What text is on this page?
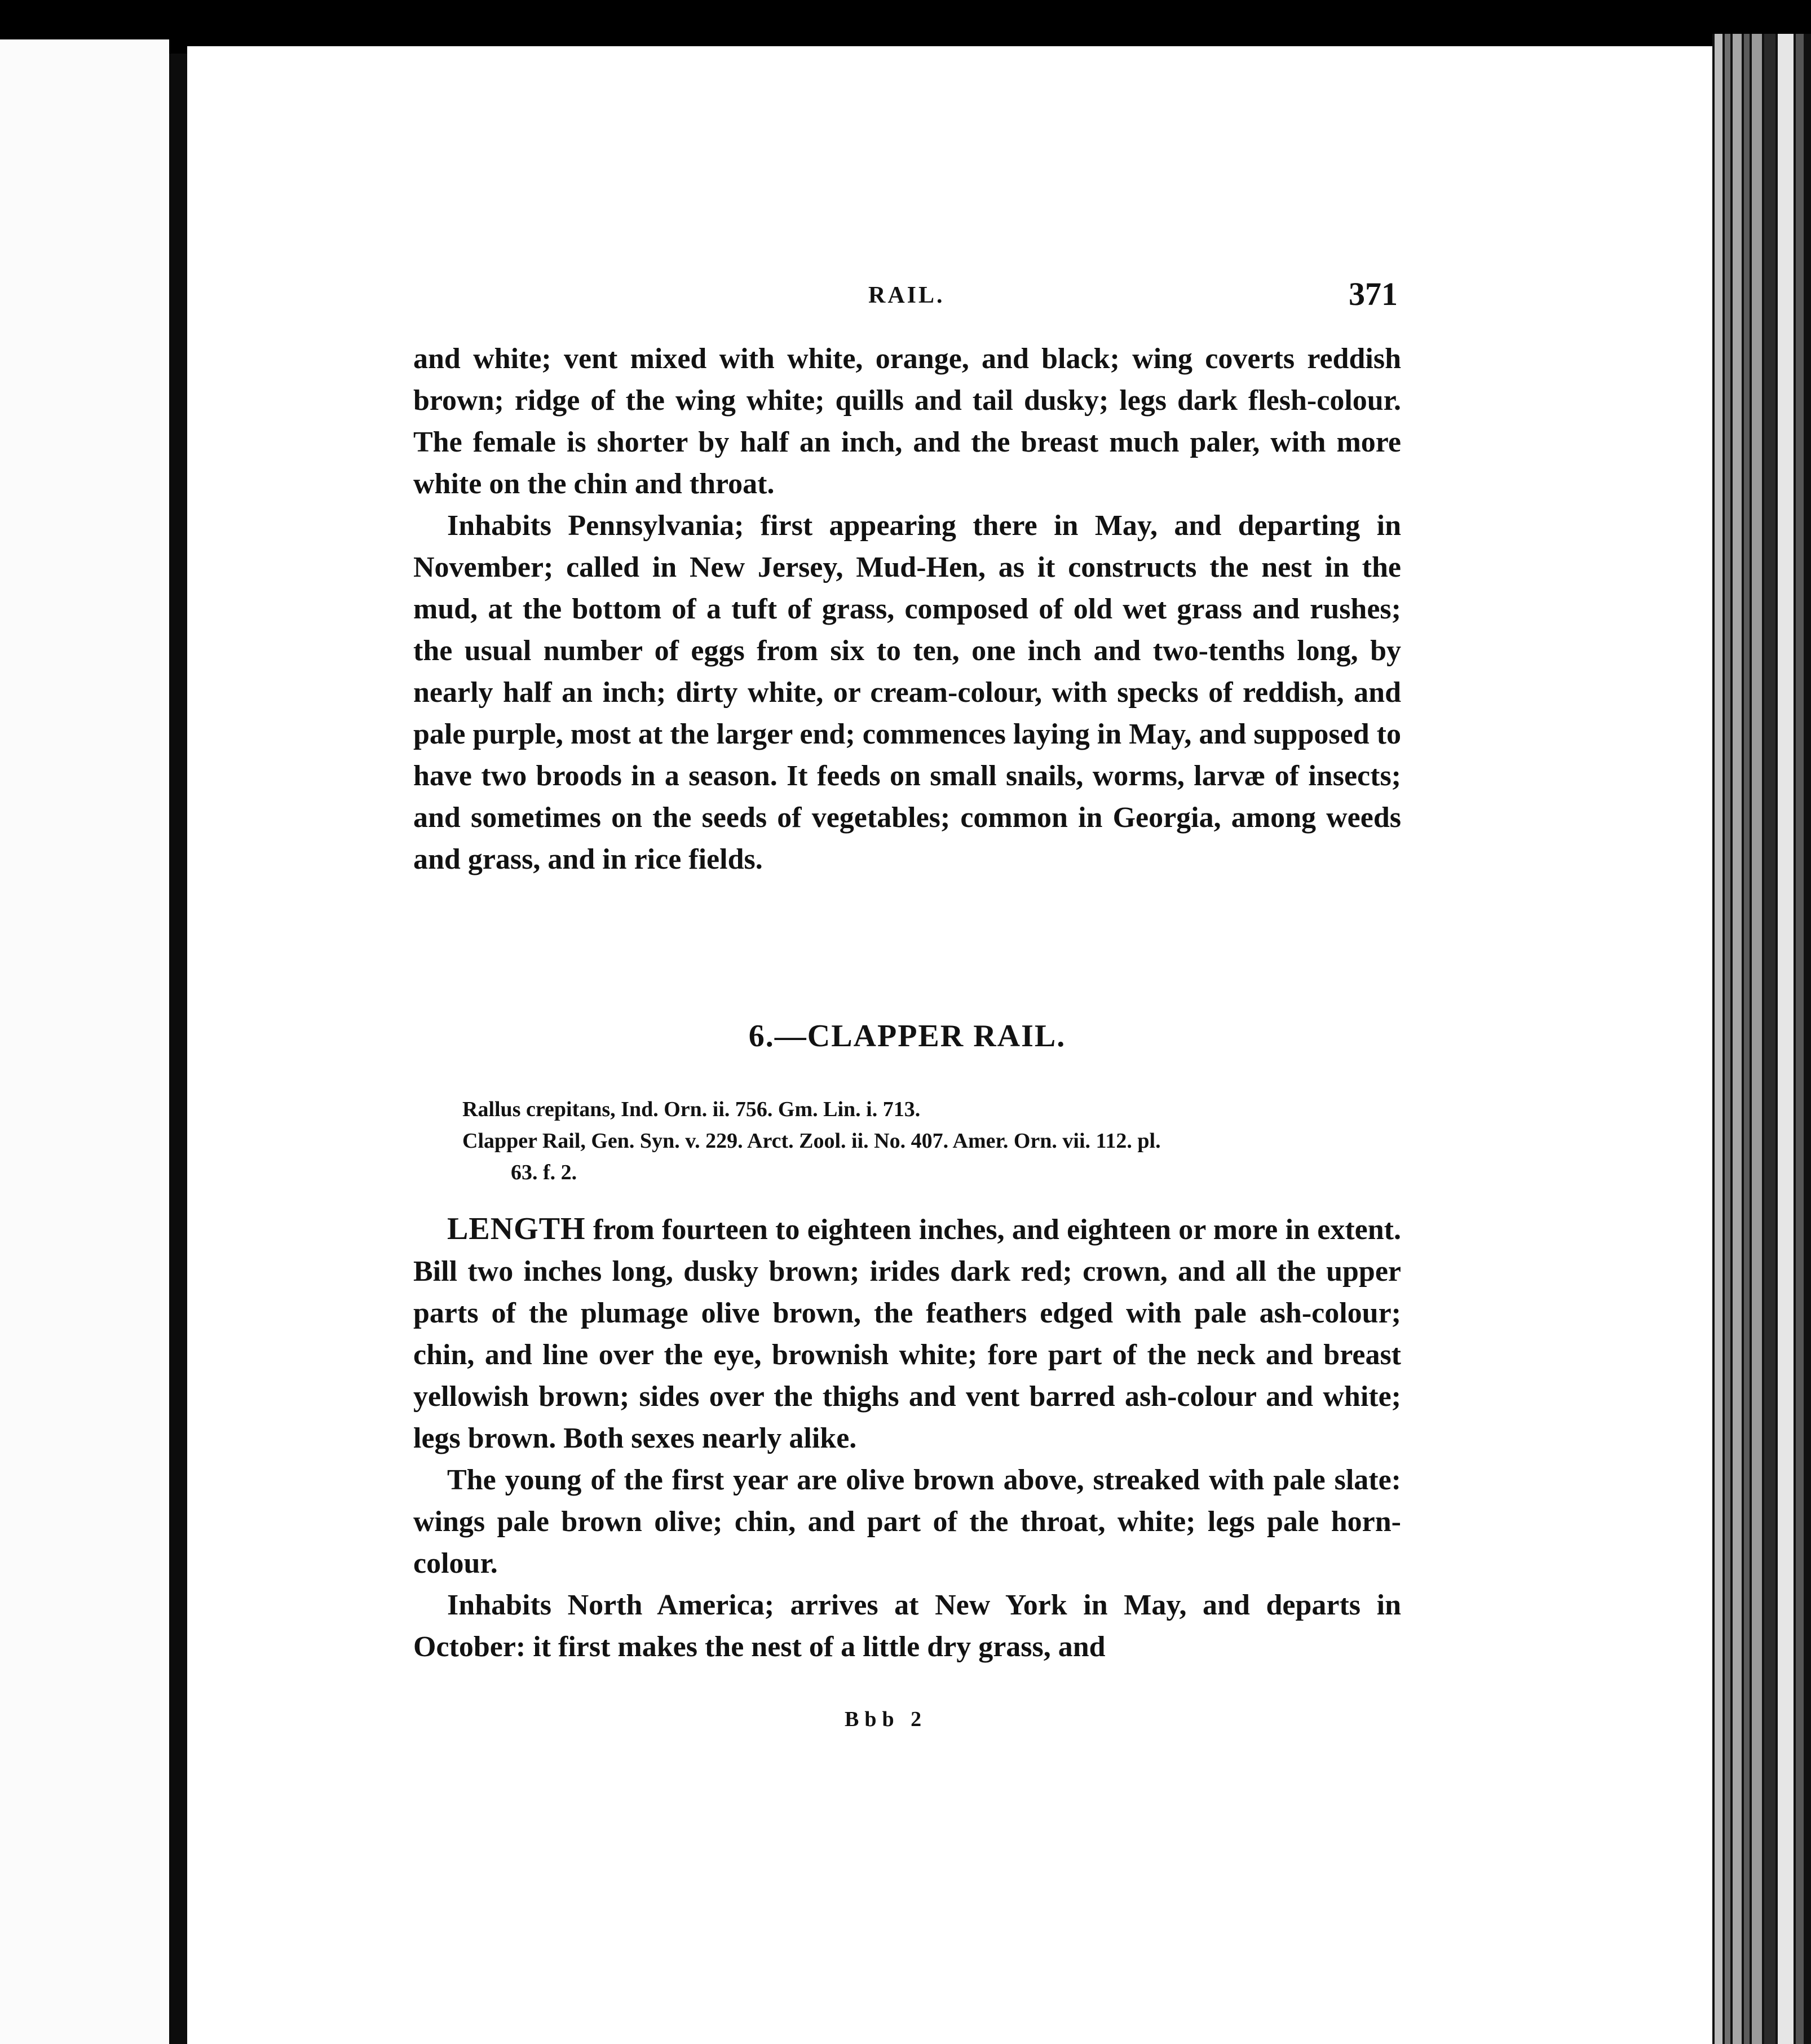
RAIL.	371

and white; vent mixed with white, orange, and black; wing coverts reddish brown; ridge of the wing white; quills and tail dusky; legs dark flesh-colour. The female is shorter by half an inch, and the breast much paler, with more white on the chin and throat.

Inhabits Pennsylvania; first appearing there in May, and departing in November; called in New Jersey, Mud-Hen, as it constructs the nest in the mud, at the bottom of a tuft of grass, composed of old wet grass and rushes; the usual number of eggs from six to ten, one inch and two-tenths long, by nearly half an inch; dirty white, or cream-colour, with specks of reddish, and pale purple, most at the larger end; commences laying in May, and supposed to have two broods in a season. It feeds on small snails, worms, larvæ of insects; and sometimes on the seeds of vegetables; common in Georgia, among weeds and grass, and in rice fields.

6.—CLAPPER RAIL.
Rallus crepitans, Ind. Orn. ii. 756. Gm. Lin. i. 713.
Clapper Rail, Gen. Syn. v. 229. Arct. Zool. ii. No. 407. Amer. Orn. vii. 112. pl.
63. f. 2.

LENGTH from fourteen to eighteen inches, and eighteen or more in extent. Bill two inches long, dusky brown; irides dark red; crown, and all the upper parts of the plumage olive brown, the feathers edged with pale ash-colour; chin, and line over the eye, brownish white; fore part of the neck and breast yellowish brown; sides over the thighs and vent barred ash-colour and white; legs brown. Both sexes nearly alike.

The young of the first year are olive brown above, streaked with pale slate: wings pale brown olive; chin, and part of the throat, white; legs pale horn-colour.

Inhabits North America; arrives at New York in May, and departs in October: it first makes the nest of a little dry grass, and

Bbb 2
